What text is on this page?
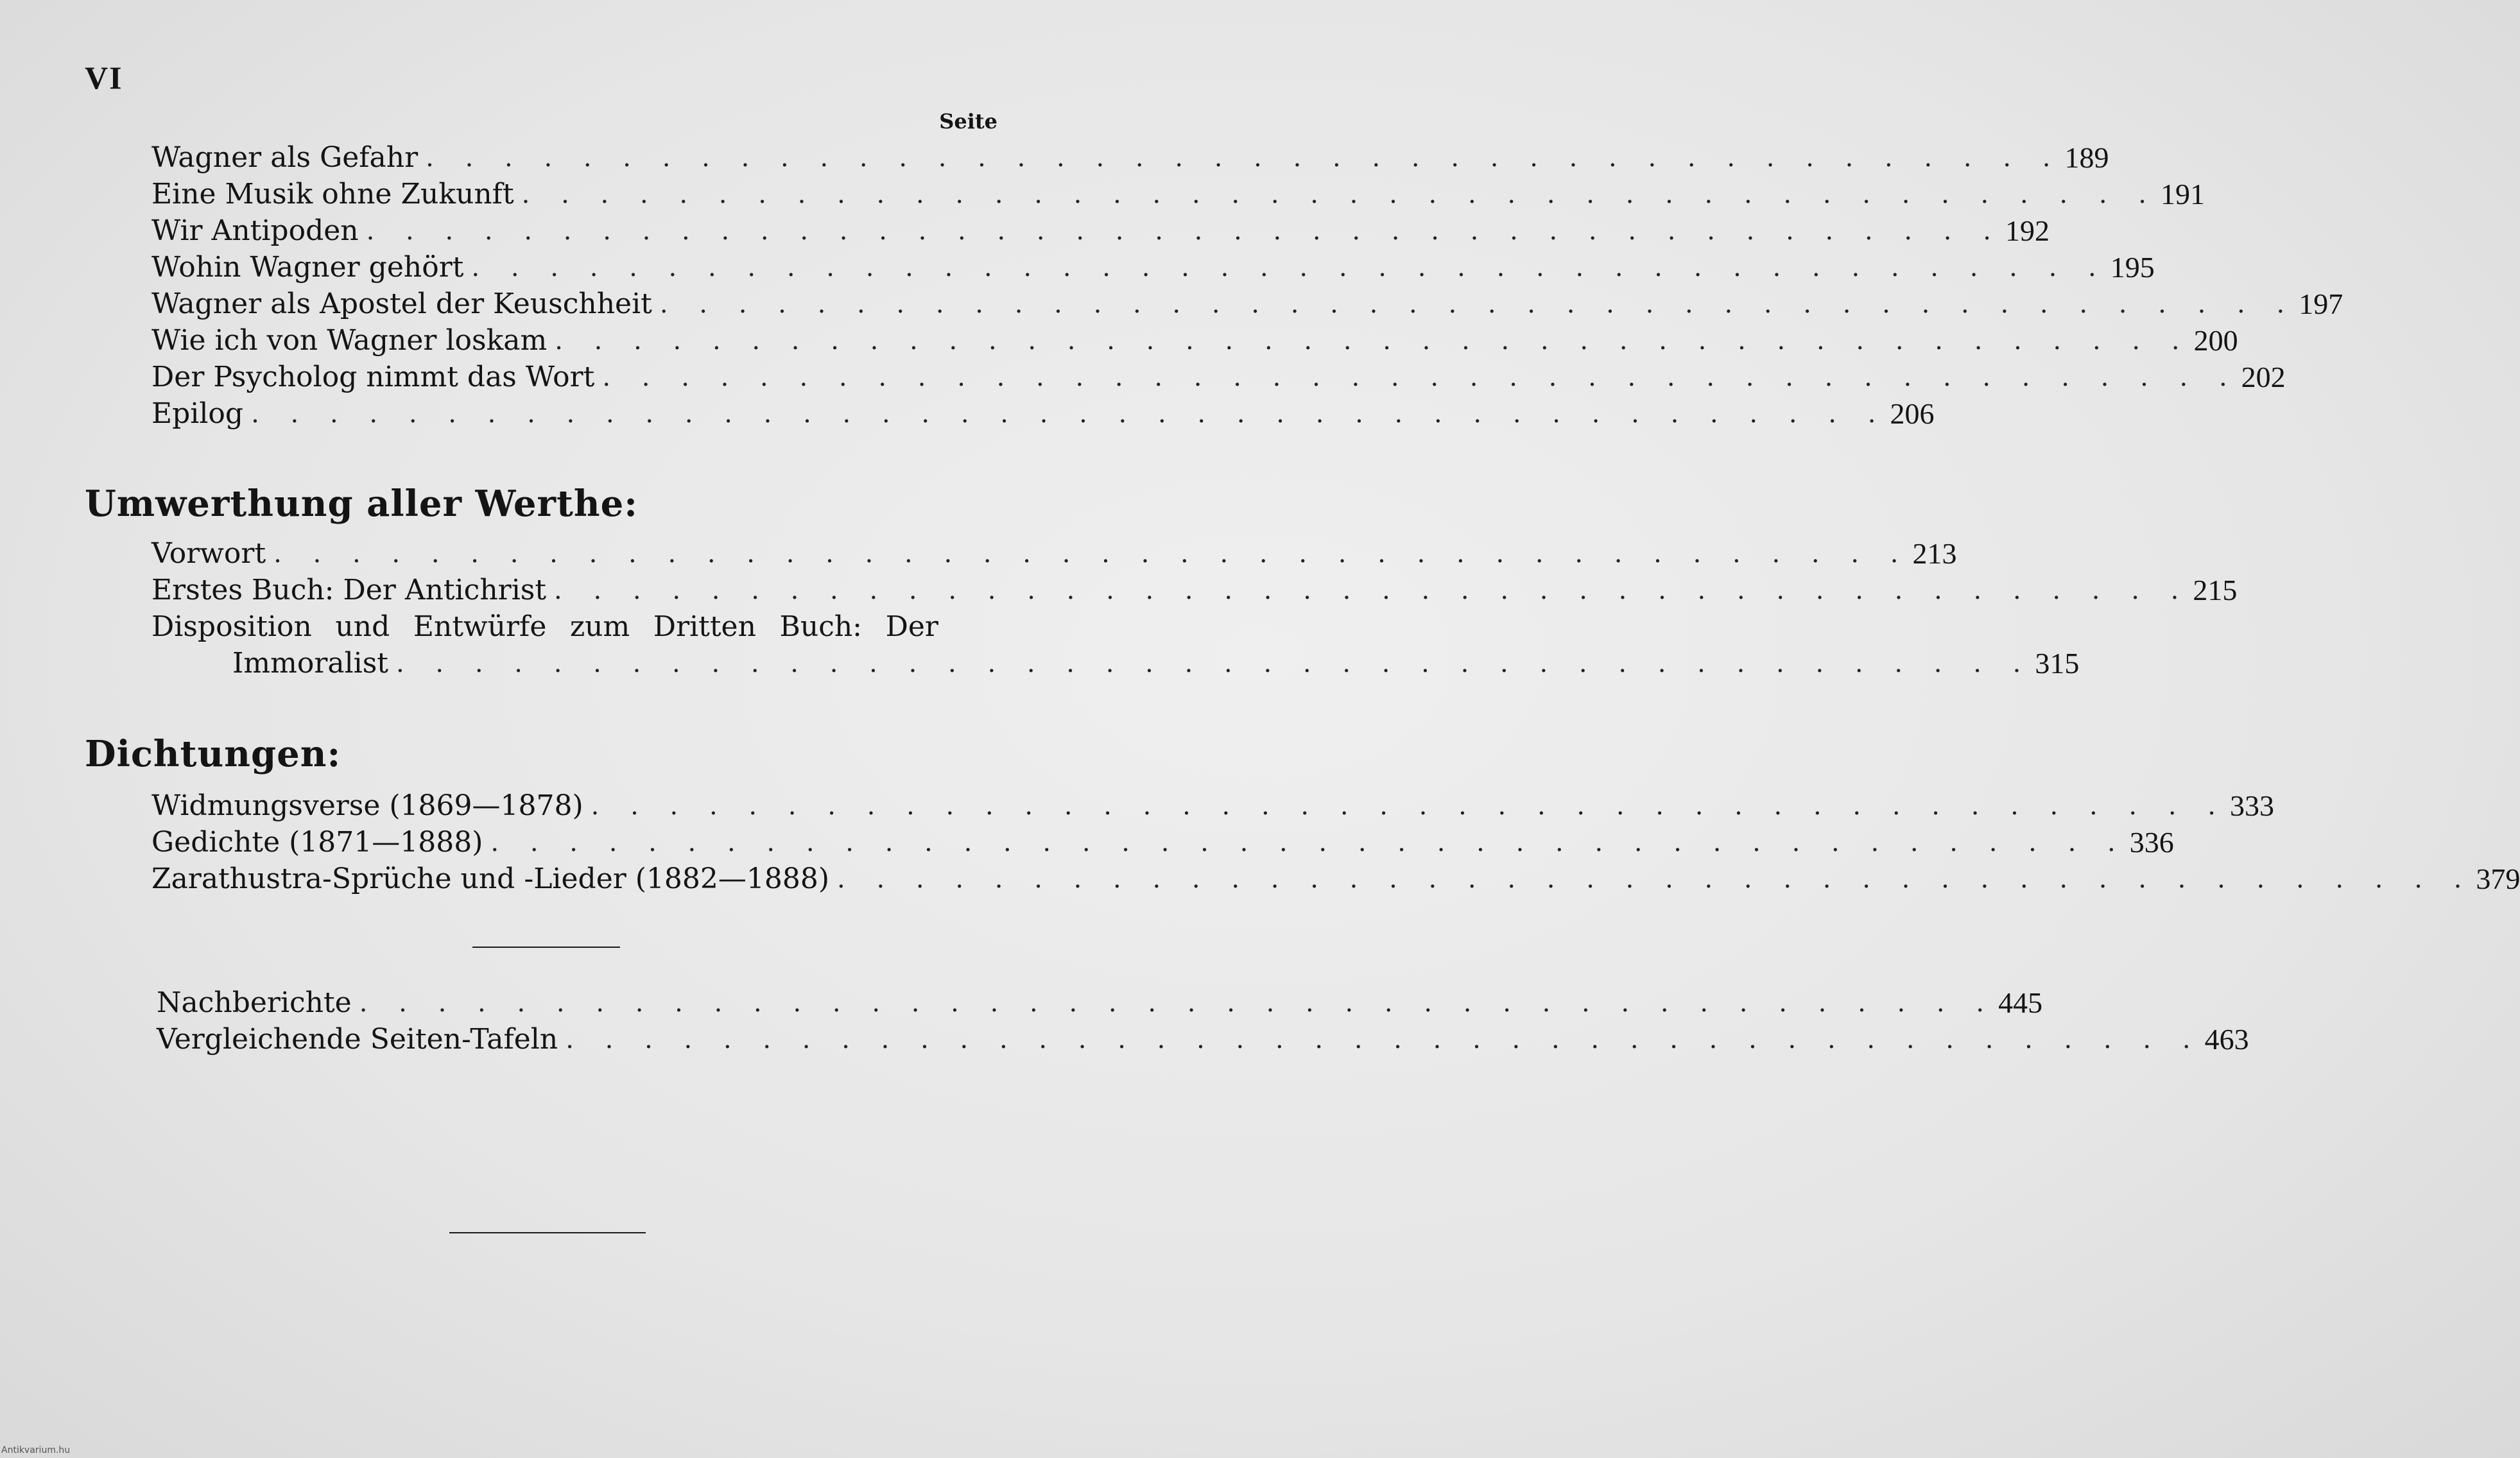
VI
Seite
Wagner als Gefahr . . . . . . . . . . . . . . . . . . . . . . . . . . . . . . . . . . . . . . . . . . 189
Eine Musik ohne Zukunft . . . . . . . . . . . . . . . . . . . . . . . . . . . . . . . . . . . . . . . . . . 191
Wir Antipoden . . . . . . . . . . . . . . . . . . . . . . . . . . . . . . . . . . . . . . . . . . 192
Wohin Wagner gehört . . . . . . . . . . . . . . . . . . . . . . . . . . . . . . . . . . . . . . . . . . 195
Wagner als Apostel der Keuschheit . . . . . . . . . . . . . . . . . . . . . . . . . . . . . . . . . . . . . . . . . . 197
Wie ich von Wagner loskam . . . . . . . . . . . . . . . . . . . . . . . . . . . . . . . . . . . . . . . . . . 200
Der Psycholog nimmt das Wort . . . . . . . . . . . . . . . . . . . . . . . . . . . . . . . . . . . . . . . . . . 202
Epilog . . . . . . . . . . . . . . . . . . . . . . . . . . . . . . . . . . . . . . . . . . 206
Umwerthung aller Werthe:
Vorwort . . . . . . . . . . . . . . . . . . . . . . . . . . . . . . . . . . . . . . . . . . 213
Erstes Buch: Der Antichrist . . . . . . . . . . . . . . . . . . . . . . . . . . . . . . . . . . . . . . . . . . 215
Disposition und Entwürfe zum Dritten Buch: Der
Immoralist . . . . . . . . . . . . . . . . . . . . . . . . . . . . . . . . . . . . . . . . . . 315
Dichtungen:
Widmungsverse (1869—1878) . . . . . . . . . . . . . . . . . . . . . . . . . . . . . . . . . . . . . . . . . . 333
Gedichte (1871—1888) . . . . . . . . . . . . . . . . . . . . . . . . . . . . . . . . . . . . . . . . . . 336
Zarathustra-Sprüche und -Lieder (1882—1888) . . . . . . . . . . . . . . . . . . . . . . . . . . . . . . . . . . . . . . . . . . 379
Nachberichte . . . . . . . . . . . . . . . . . . . . . . . . . . . . . . . . . . . . . . . . . . 445
Vergleichende Seiten-Tafeln . . . . . . . . . . . . . . . . . . . . . . . . . . . . . . . . . . . . . . . . . . 463
Antikvarium.hu
